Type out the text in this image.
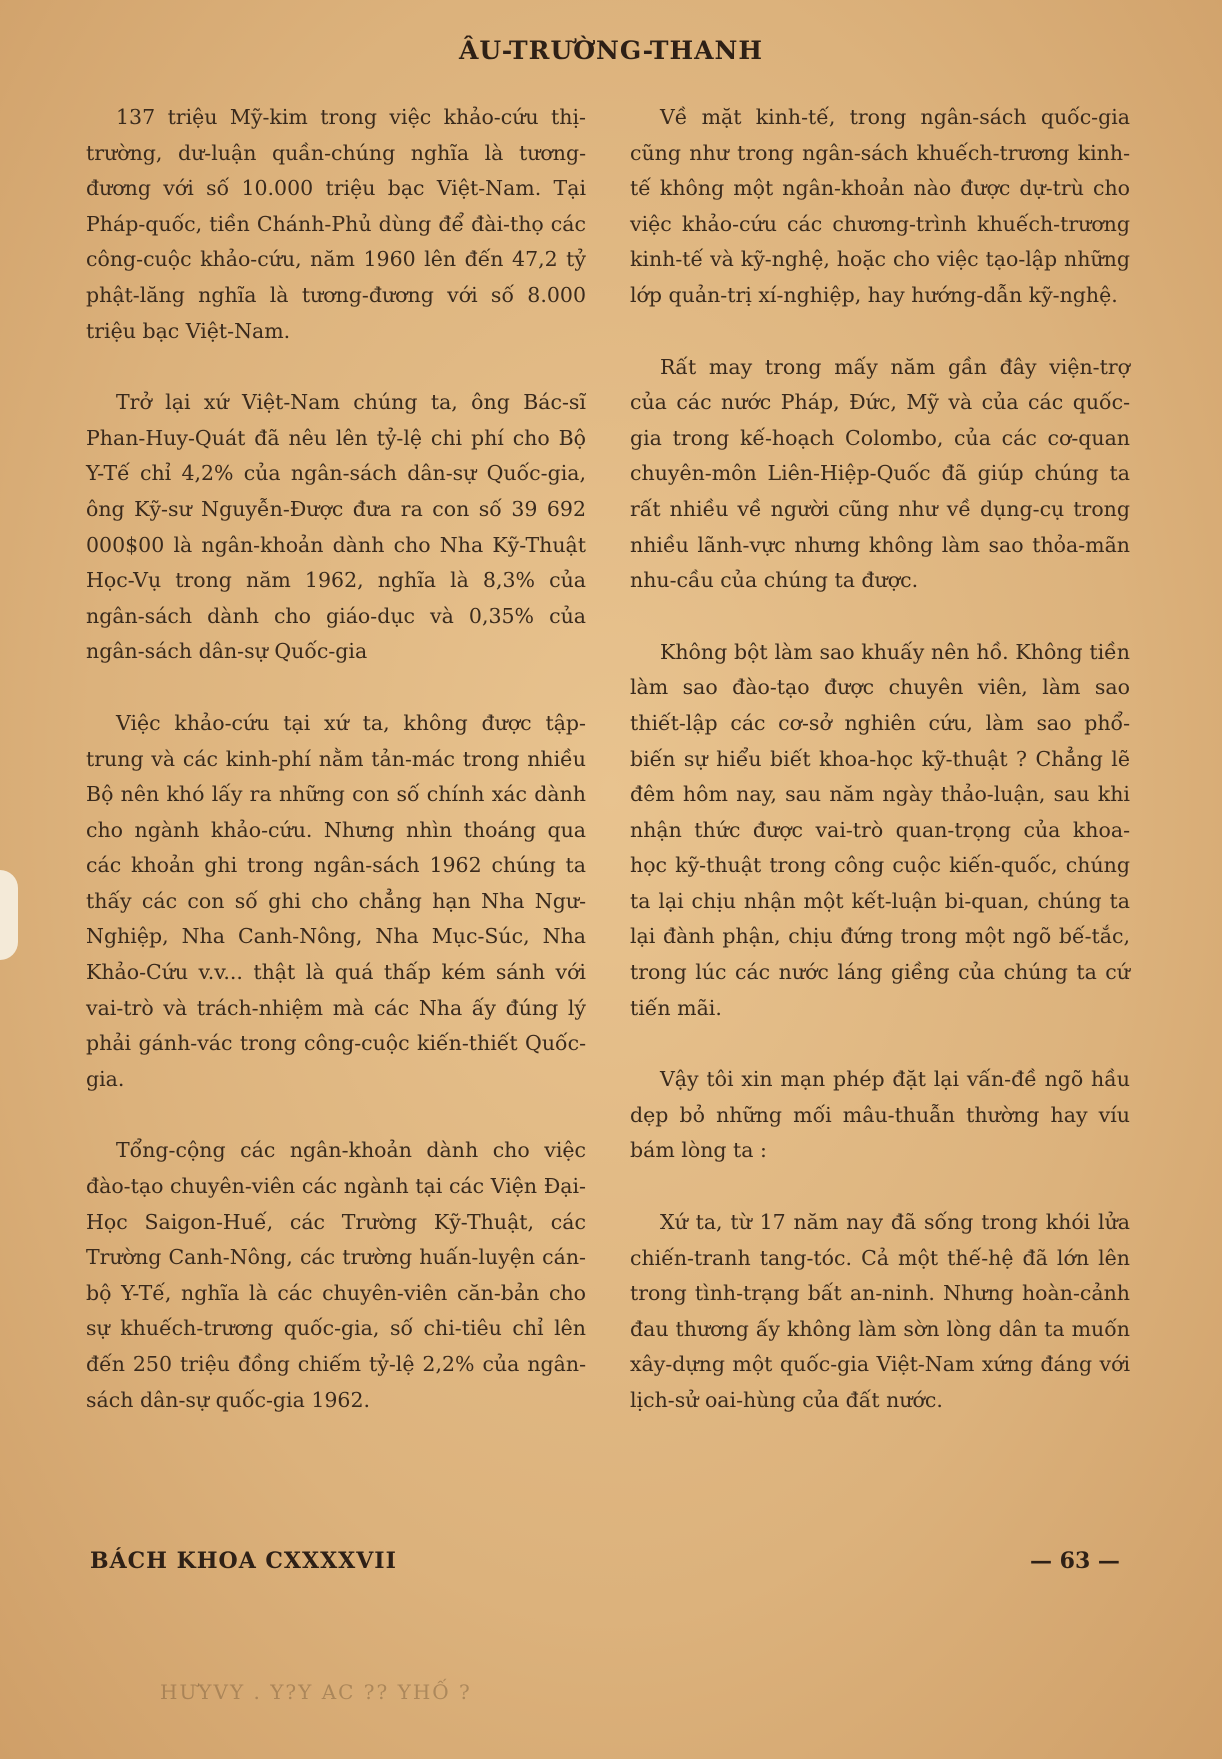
ÂU-TRƯỜNG-THANH

137 triệu Mỹ-kim trong việc khảo-cứu thị-trường, dư-luận quần-chúng nghĩa là tương-đương với số 10.000 triệu bạc Việt-Nam. Tại Pháp-quốc, tiền Chánh-Phủ dùng để đài-thọ các công-cuộc khảo-cứu, năm 1960 lên đến 47,2 tỷ phật-lăng nghĩa là tương-đương với số 8.000 triệu bạc Việt-Nam.

Trở lại xứ Việt-Nam chúng ta, ông Bác-sĩ Phan-Huy-Quát đã nêu lên tỷ-lệ chi phí cho Bộ Y-Tế chỉ 4,2% của ngân-sách dân-sự Quốc-gia, ông Kỹ-sư Nguyễn-Được đưa ra con số 39 692 000$00 là ngân-khoản dành cho Nha Kỹ-Thuật Học-Vụ trong năm 1962, nghĩa là 8,3% của ngân-sách dành cho giáo-dục và 0,35% của ngân-sách dân-sự Quốc-gia

Việc khảo-cứu tại xứ ta, không được tập-trung và các kinh-phí nằm tản-mác trong nhiều Bộ nên khó lấy ra những con số chính xác dành cho ngành khảo-cứu. Nhưng nhìn thoáng qua các khoản ghi trong ngân-sách 1962 chúng ta thấy các con số ghi cho chẳng hạn Nha Ngư-Nghiệp, Nha Canh-Nông, Nha Mục-Súc, Nha Khảo-Cứu v.v... thật là quá thấp kém sánh với vai-trò và trách-nhiệm mà các Nha ấy đúng lý phải gánh-vác trong công-cuộc kiến-thiết Quốc-gia.

Tổng-cộng các ngân-khoản dành cho việc đào-tạo chuyên-viên các ngành tại các Viện Đại-Học Saigon-Huế, các Trường Kỹ-Thuật, các Trường Canh-Nông, các trường huấn-luyện cán-bộ Y-Tế, nghĩa là các chuyên-viên căn-bản cho sự khuếch-trương quốc-gia, số chi-tiêu chỉ lên đến 250 triệu đồng chiếm tỷ-lệ 2,2% của ngân-sách dân-sự quốc-gia 1962.

Về mặt kinh-tế, trong ngân-sách quốc-gia cũng như trong ngân-sách khuếch-trương kinh-tế không một ngân-khoản nào được dự-trù cho việc khảo-cứu các chương-trình khuếch-trương kinh-tế và kỹ-nghệ, hoặc cho việc tạo-lập những lớp quản-trị xí-nghiệp, hay hướng-dẫn kỹ-nghệ.

Rất may trong mấy năm gần đây viện-trợ của các nước Pháp, Đức, Mỹ và của các quốc-gia trong kế-hoạch Colombo, của các cơ-quan chuyên-môn Liên-Hiệp-Quốc đã giúp chúng ta rất nhiều về người cũng như về dụng-cụ trong nhiều lãnh-vực nhưng không làm sao thỏa-mãn nhu-cầu của chúng ta được.

Không bột làm sao khuấy nên hồ. Không tiền làm sao đào-tạo được chuyên viên, làm sao thiết-lập các cơ-sở nghiên cứu, làm sao phổ-biến sự hiểu biết khoa-học kỹ-thuật ? Chẳng lẽ đêm hôm nay, sau năm ngày thảo-luận, sau khi nhận thức được vai-trò quan-trọng của khoa-học kỹ-thuật trong công cuộc kiến-quốc, chúng ta lại chịu nhận một kết-luận bi-quan, chúng ta lại đành phận, chịu đứng trong một ngõ bế-tắc, trong lúc các nước láng giềng của chúng ta cứ tiến mãi.

Vậy tôi xin mạn phép đặt lại vấn-đề ngõ hầu dẹp bỏ những mối mâu-thuẫn thường hay víu bám lòng ta :

Xứ ta, từ 17 năm nay đã sống trong khói lửa chiến-tranh tang-tóc. Cả một thế-hệ đã lớn lên trong tình-trạng bất an-ninh. Nhưng hoàn-cảnh đau thương ấy không làm sờn lòng dân ta muốn xây-dựng một quốc-gia Việt-Nam xứng đáng với lịch-sử oai-hùng của đất nước.

BÁCH KHOA CXXXXVII	— 63 —
HƯYVY . Y?Y AC ?? YHỐ ?
